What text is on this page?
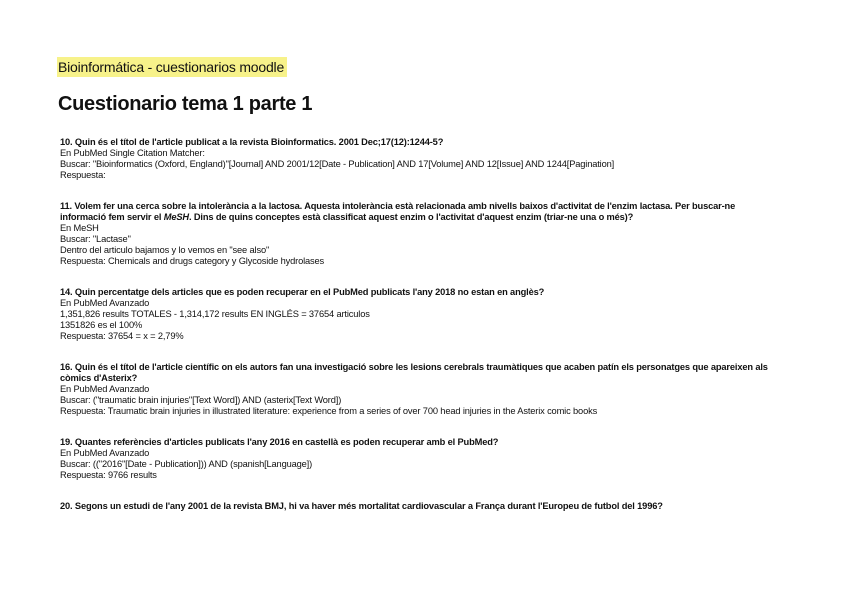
Bioinformática - cuestionarios moodle
Cuestionario tema 1 parte 1
10. Quin és el títol de l'article publicat a la revista Bioinformatics. 2001 Dec;17(12):1244-5?
En PubMed Single Citation Matcher:
Buscar: "Bioinformatics (Oxford, England)"[Journal] AND 2001/12[Date - Publication] AND 17[Volume] AND 12[Issue] AND 1244[Pagination]
Respuesta:
11. Volem fer una cerca sobre la intolerància a la lactosa. Aquesta intolerància està relacionada amb nivells baixos d'activitat de l'enzim lactasa. Per buscar-ne informació fem servir el MeSH. Dins de quins conceptes està classificat aquest enzim o l'activitat d'aquest enzim (triar-ne una o més)?
En MeSH
Buscar: "Lactase"
Dentro del articulo bajamos y lo vemos en "see also"
Respuesta: Chemicals and drugs category y Glycoside hydrolases
14. Quin percentatge dels articles que es poden recuperar en el PubMed publicats l'any 2018 no estan en anglès?
En PubMed Avanzado
1,351,826 results TOTALES - 1,314,172 results EN INGLÉS = 37654 articulos
1351826 es el 100%
Respuesta: 37654 = x = 2,79%
16. Quin és el títol de l'article científic on els autors fan una investigació sobre les lesions cerebrals traumàtiques que acaben patín els personatges que apareixen als còmics d'Asterix?
En PubMed Avanzado
Buscar: ("traumatic brain injuries"[Text Word]) AND (asterix[Text Word])
Respuesta: Traumatic brain injuries in illustrated literature: experience from a series of over 700 head injuries in the Asterix comic books
19. Quantes referències d'articles publicats l'any 2016 en castellà es poden recuperar amb el PubMed?
En PubMed Avanzado
Buscar: (("2016"[Date - Publication])) AND (spanish[Language])
Respuesta: 9766 results
20. Segons un estudi de l'any 2001 de la revista BMJ, hi va haver més mortalitat cardiovascular a França durant l'Europeu de futbol del 1996?
